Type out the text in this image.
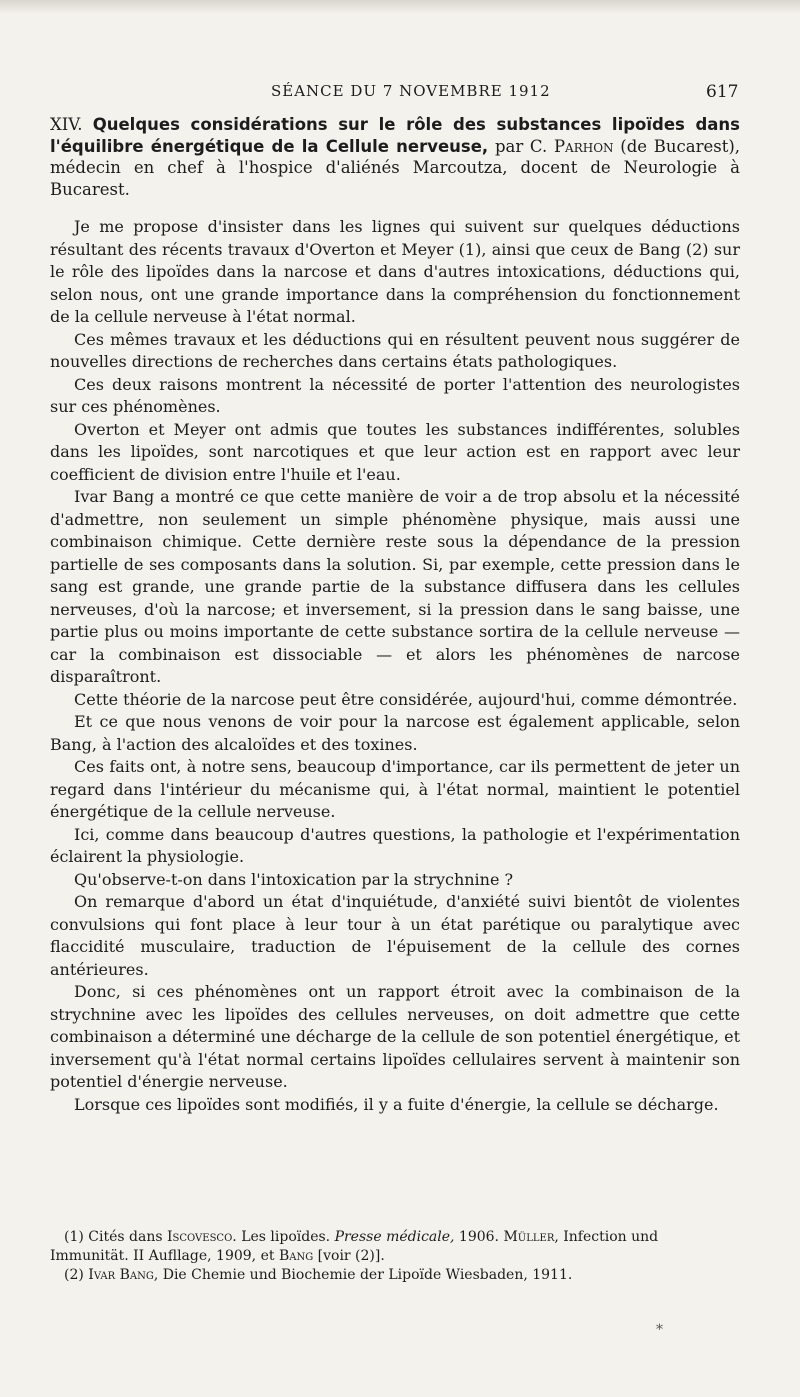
SÉANCE DU 7 NOVEMBRE 1912	617

XIV. Quelques considérations sur le rôle des substances lipoïdes dans l'équilibre énergétique de la Cellule nerveuse, par C. Parhon (de Bucarest), médecin en chef à l'hospice d'aliénés Marcoutza, docent de Neurologie à Bucarest.

Je me propose d'insister dans les lignes qui suivent sur quelques déductions résultant des récents travaux d'Overton et Meyer (1), ainsi que ceux de Bang (2) sur le rôle des lipoïdes dans la narcose et dans d'autres intoxications, déductions qui, selon nous, ont une grande importance dans la compréhension du fonctionnement de la cellule nerveuse à l'état normal.

Ces mêmes travaux et les déductions qui en résultent peuvent nous suggérer de nouvelles directions de recherches dans certains états pathologiques.

Ces deux raisons montrent la nécessité de porter l'attention des neurologistes sur ces phénomènes.

Overton et Meyer ont admis que toutes les substances indifférentes, solubles dans les lipoïdes, sont narcotiques et que leur action est en rapport avec leur coefficient de division entre l'huile et l'eau.

Ivar Bang a montré ce que cette manière de voir a de trop absolu et la nécessité d'admettre, non seulement un simple phénomène physique, mais aussi une combinaison chimique. Cette dernière reste sous la dépendance de la pression partielle de ses composants dans la solution. Si, par exemple, cette pression dans le sang est grande, une grande partie de la substance diffusera dans les cellules nerveuses, d'où la narcose; et inversement, si la pression dans le sang baisse, une partie plus ou moins importante de cette substance sortira de la cellule nerveuse — car la combinaison est dissociable — et alors les phénomènes de narcose disparaîtront.

Cette théorie de la narcose peut être considérée, aujourd'hui, comme démontrée.

Et ce que nous venons de voir pour la narcose est également applicable, selon Bang, à l'action des alcaloïdes et des toxines.

Ces faits ont, à notre sens, beaucoup d'importance, car ils permettent de jeter un regard dans l'intérieur du mécanisme qui, à l'état normal, maintient le potentiel énergétique de la cellule nerveuse.

Ici, comme dans beaucoup d'autres questions, la pathologie et l'expérimentation éclairent la physiologie.

Qu'observe-t-on dans l'intoxication par la strychnine ?

On remarque d'abord un état d'inquiétude, d'anxiété suivi bientôt de violentes convulsions qui font place à leur tour à un état parétique ou paralytique avec flaccidité musculaire, traduction de l'épuisement de la cellule des cornes antérieures.

Donc, si ces phénomènes ont un rapport étroit avec la combinaison de la strychnine avec les lipoïdes des cellules nerveuses, on doit admettre que cette combinaison a déterminé une décharge de la cellule de son potentiel énergétique, et inversement qu'à l'état normal certains lipoïdes cellulaires servent à maintenir son potentiel d'énergie nerveuse.

Lorsque ces lipoïdes sont modifiés, il y a fuite d'énergie, la cellule se décharge.

(1) Cités dans Iscovesco. Les lipoïdes. Presse médicale, 1906. Müller, Infection und Immunität. II Aufllage, 1909, et Bang [voir (2)].

(2) Ivar Bang, Die Chemie und Biochemie der Lipoïde Wiesbaden, 1911.

*
